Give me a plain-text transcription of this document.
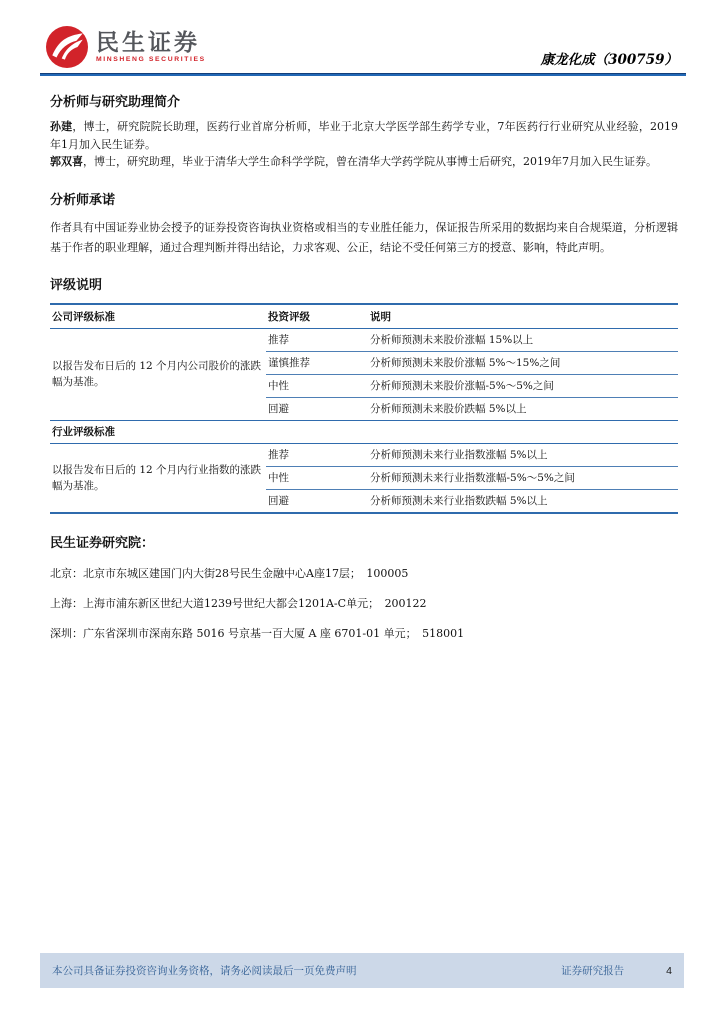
民生证券
MINSHENG SECURITIES	康龙化成（300759）

分析师与研究助理简介

孙建，博士，研究院院长助理，医药行业首席分析师，毕业于北京大学医学部生药学专业，7年医药行行业研究从业经验，2019年1月加入民生证券。

郭双喜，博士，研究助理，毕业于清华大学生命科学学院，曾在清华大学药学院从事博士后研究，2019年7月加入民生证券。

分析师承诺

作者具有中国证券业协会授予的证券投资咨询执业资格或相当的专业胜任能力，保证报告所采用的数据均来自合规渠道，分析逻辑基于作者的职业理解，通过合理判断并得出结论，力求客观、公正，结论不受任何第三方的授意、影响，特此声明。

评级说明

公司评级标准	投资评级	说明
以报告发布日后的 12 个月内公司股价的涨跌幅为基准。	推荐	分析师预测未来股价涨幅 15%以上
	谨慎推荐	分析师预测未来股价涨幅 5%～15%之间
	中性	分析师预测未来股价涨幅-5%～5%之间
	回避	分析师预测未来股价跌幅 5%以上
行业评级标准		
以报告发布日后的 12 个月内行业指数的涨跌幅为基准。	推荐	分析师预测未来行业指数涨幅 5%以上
	中性	分析师预测未来行业指数涨幅-5%～5%之间
	回避	分析师预测未来行业指数跌幅 5%以上

民生证券研究院：

北京：北京市东城区建国门内大街28号民生金融中心A座17层；　100005

上海：上海市浦东新区世纪大道1239号世纪大都会1201A-C单元；　200122

深圳：广东省深圳市深南东路 5016 号京基一百大厦 A 座 6701-01 单元；　518001

本公司具备证券投资咨询业务资格，请务必阅读最后一页免费声明	证券研究报告	4
